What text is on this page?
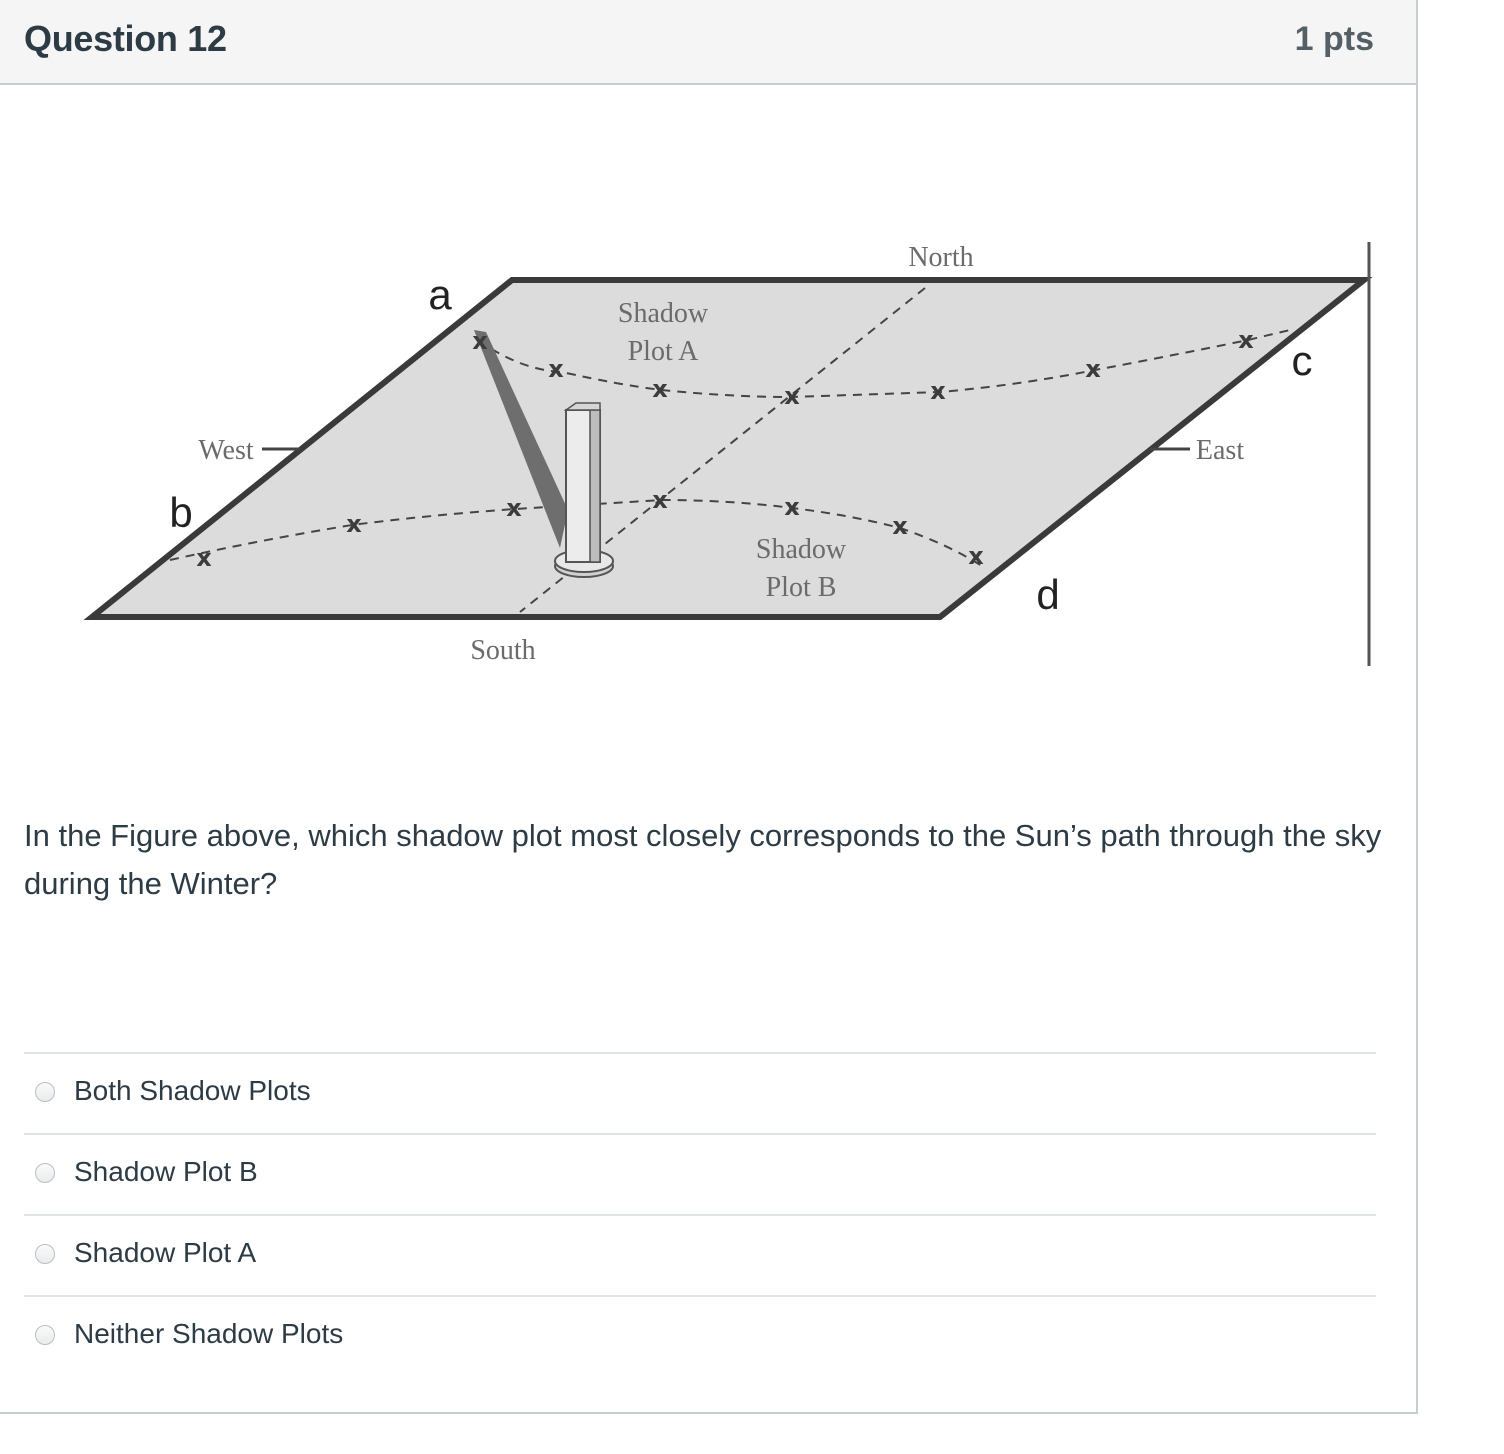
Question 12	1 pts
x
x
x	x	x
x
x
x
x
x	x	x
x
x
North
South
West	East
Shadow
Plot A
Shadow
Plot B
a
b
c
d
In the Figure above, which shadow plot most closely corresponds to the Sun’s path through the sky during the Winter?
Both Shadow Plots
Shadow Plot B
Shadow Plot A
Neither Shadow Plots
